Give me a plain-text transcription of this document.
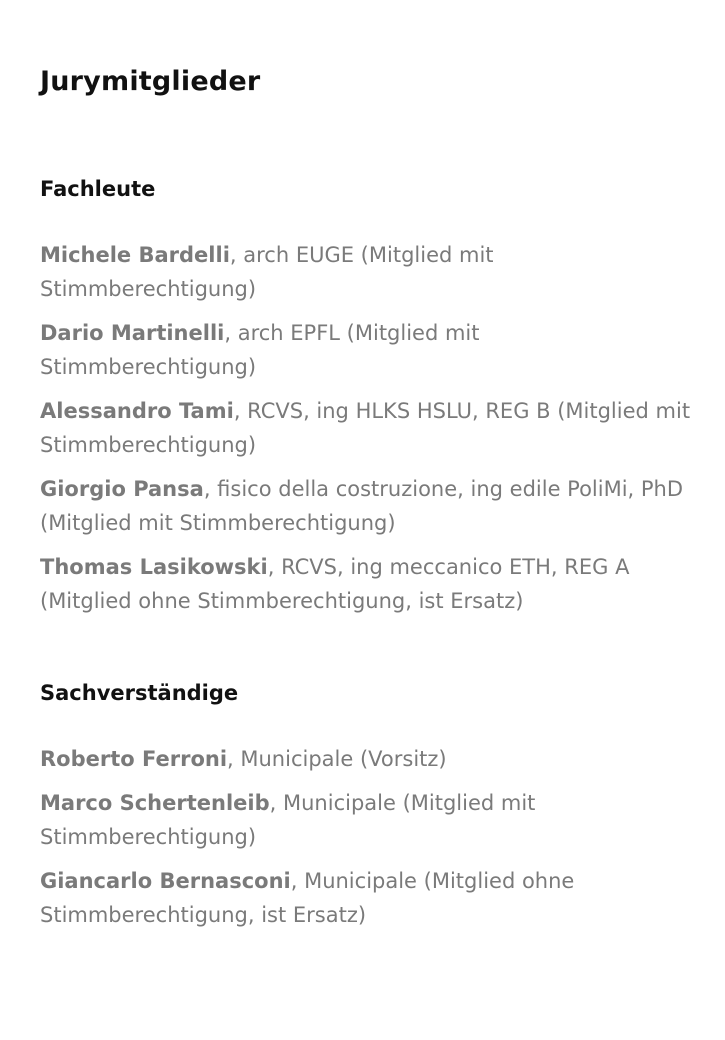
Jurymitglieder
Fachleute

Michele Bardelli, arch EUGE (Mitglied mit Stimmberechtigung)

Dario Martinelli, arch EPFL (Mitglied mit Stimmberechtigung)

Alessandro Tami, RCVS, ing HLKS HSLU, REG B (Mitglied mit Stimmberechtigung)

Giorgio Pansa, fisico della costruzione, ing edile PoliMi, PhD (Mitglied mit Stimmberechtigung)

Thomas Lasikowski, RCVS, ing meccanico ETH, REG A (Mitglied ohne Stimmberechtigung, ist Ersatz)

Sachverständige

Roberto Ferroni, Municipale (Vorsitz)

Marco Schertenleib, Municipale (Mitglied mit Stimmberechtigung)

Giancarlo Bernasconi, Municipale (Mitglied ohne Stimmberechtigung, ist Ersatz)
